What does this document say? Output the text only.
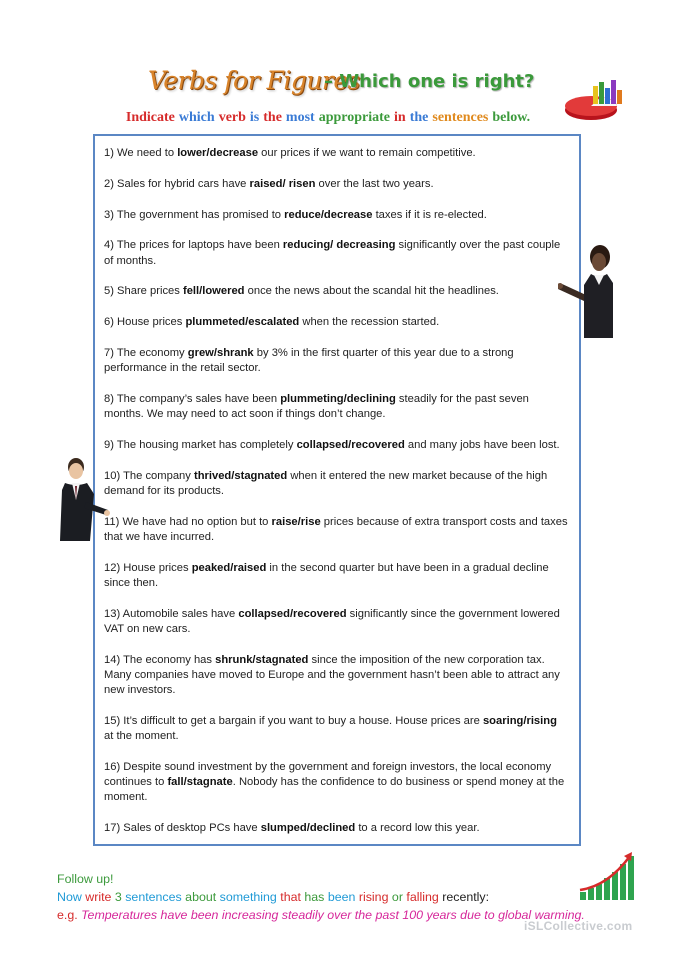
Verbs for Figures
– Which one is right?
Indicate which verb is the most appropriate in the sentences below.
1) We need to lower/decrease our prices if we want to remain competitive.
2) Sales for hybrid cars have raised/ risen over the last two years.
3) The government has promised to reduce/decrease taxes if it is re-elected.
4) The prices for laptops have been reducing/ decreasing significantly over the past couple of months.
5) Share prices fell/lowered once the news about the scandal hit the headlines.
6) House prices plummeted/escalated when the recession started.
7) The economy grew/shrank by 3% in the first quarter of this year due to a strong performance in the retail sector.
8) The company’s sales have been plummeting/declining steadily for the past seven months. We may need to act soon if things don’t change.
9) The housing market has completely collapsed/recovered and many jobs have been lost.
10) The company thrived/stagnated when it entered the new market because of the high demand for its products.
11) We have had no option but to raise/rise prices because of extra transport costs and taxes that we have incurred.
12) House prices peaked/raised in the second quarter but have been in a gradual decline since then.
13) Automobile sales have collapsed/recovered significantly since the government lowered VAT on new cars.
14) The economy has shrunk/stagnated since the imposition of the new corporation tax. Many companies have moved to Europe and the government hasn’t been able to attract any new investors.
15) It’s difficult to get a bargain if you want to buy a house. House prices are soaring/rising at the moment.
16) Despite sound investment by the government and foreign investors, the local economy continues to fall/stagnate. Nobody has the confidence to do business or spend money at the moment.
17) Sales of desktop PCs have slumped/declined to a record low this year.
Follow up!
Now write 3 sentences about something that has been rising or falling recently:
e.g. Temperatures have been increasing steadily over the past 100 years due to global warming.
iSLCollective.com
